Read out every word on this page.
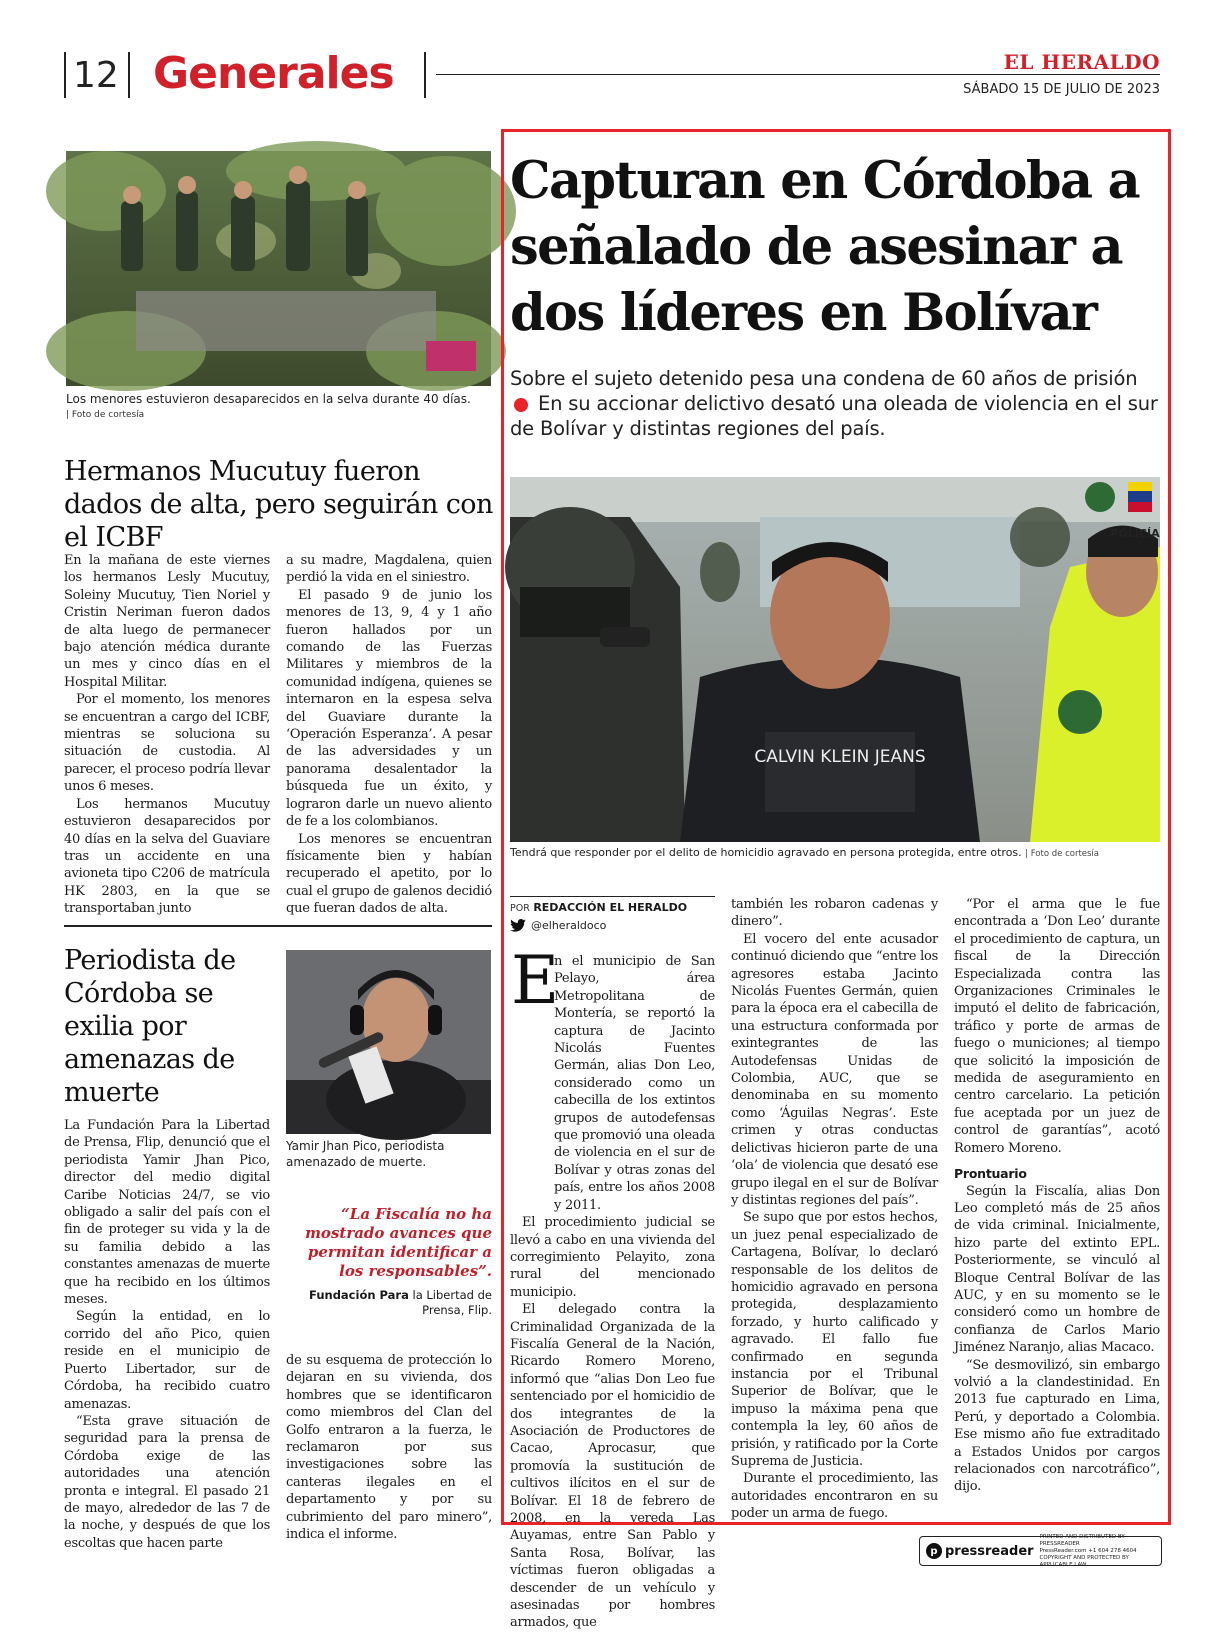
12 Generales	EL HERALDO
SÁBADO 15 DE JULIO DE 2023
Los menores estuvieron desaparecidos en la selva durante 40 días.
| Foto de cortesía
Hermanos Mucutuy fueron dados de alta, pero seguirán con el ICBF

En la mañana de este viernes los hermanos Lesly Mucutuy, Soleiny Mucutuy, Tien Noriel y Cristin Neriman fueron dados de alta luego de permanecer bajo atención médica durante un mes y cinco días en el Hospital Militar.

Por el momento, los menores se encuentran a cargo del ICBF, mientras se soluciona su situación de custodia. Al parecer, el proceso podría llevar unos 6 meses.

Los hermanos Mucutuy estuvieron desaparecidos por 40 días en la selva del Guaviare tras un accidente en una avioneta tipo C206 de matrícula HK 2803, en la que se transportaban junto

a su madre, Magdalena, quien perdió la vida en el siniestro.

El pasado 9 de junio los menores de 13, 9, 4 y 1 año fueron hallados por un comando de las Fuerzas Militares y miembros de la comunidad indígena, quienes se internaron en la espesa selva del Guaviare durante la ‘Operación Esperanza’. A pesar de las adversidades y un panorama desalentador la búsqueda fue un éxito, y lograron darle un nuevo aliento de fe a los colombianos.

Los menores se encuentran físicamente bien y habían recuperado el apetito, por lo cual el grupo de galenos decidió que fueran dados de alta.

Periodista de Córdoba se exilia por amenazas de muerte
Yamir Jhan Pico, periodista amenazado de muerte.

La Fundación Para la Libertad de Prensa, Flip, denunció que el periodista Yamir Jhan Pico, director del medio digital Caribe Noticias 24/7, se vio obligado a salir del país con el fin de proteger su vida y la de su familia debido a las constantes amenazas de muerte que ha recibido en los últimos meses.

Según la entidad, en lo corrido del año Pico, quien reside en el municipio de Puerto Libertador, sur de Córdoba, ha recibido cuatro amenazas.

“Esta grave situación de seguridad para la prensa de Córdoba exige de las autoridades una atención pronta e integral. El pasado 21 de mayo, alrededor de las 7 de la noche, y después de que los escoltas que hacen parte

“La Fiscalía no ha mostrado avances que permitan identificar a los responsables”.
Fundación Para la Libertad de Prensa, Flip.

de su esquema de protección lo dejaran en su vivienda, dos hombres que se identificaron como miembros del Clan del Golfo entraron a la fuerza, le reclamaron por sus investigaciones sobre las canteras ilegales en el departamento y por su cubrimiento del paro minero”, indica el informe.

Capturan en Córdoba a señalado de asesinar a dos líderes en Bolívar
Sobre el sujeto detenido pesa una condena de 60 años de prisión  En su accionar delictivo desató una oleada de violencia en el sur de Bolívar y distintas regiones del país.
CALVIN KLEIN JEANS
POLICÍA
Tendrá que responder por el delito de homicidio agravado en persona protegida, entre otros. | Foto de cortesía
POR REDACCIÓN EL HERALDO
@elheraldoco
E

n el municipio de San Pelayo, área Metropolitana de Montería, se reportó la captura de Jacinto Nicolás Fuentes Germán, alias Don Leo, considerado como un cabecilla de los extintos grupos de autodefensas que promovió una oleada de violencia en el sur de Bolívar y otras zonas del país, entre los años 2008 y 2011.

El procedimiento judicial se llevó a cabo en una vivienda del corregimiento Pelayito, zona rural del mencionado municipio.

El delegado contra la Criminalidad Organizada de la Fiscalía General de la Nación, Ricardo Romero Moreno, informó que “alias Don Leo fue sentenciado por el homicidio de dos integrantes de la Asociación de Productores de Cacao, Aprocasur, que promovía la sustitución de cultivos ilícitos en el sur de Bolívar. El 18 de febrero de 2008, en la vereda Las Auyamas, entre San Pablo y Santa Rosa, Bolívar, las víctimas fueron obligadas a descender de un vehículo y asesinadas por hombres armados, que

también les robaron cadenas y dinero”.

El vocero del ente acusador continuó diciendo que “entre los agresores estaba Jacinto Nicolás Fuentes Germán, quien para la época era el cabecilla de una estructura conformada por exintegrantes de las Autodefensas Unidas de Colombia, AUC, que se denominaba en su momento como ‘Águilas Negras’. Este crimen y otras conductas delictivas hicieron parte de una ‘ola’ de violencia que desató ese grupo ilegal en el sur de Bolívar y distintas regiones del país”.

Se supo que por estos hechos, un juez penal especializado de Cartagena, Bolívar, lo declaró responsable de los delitos de homicidio agravado en persona protegida, desplazamiento forzado, y hurto calificado y agravado. El fallo fue confirmado en segunda instancia por el Tribunal Superior de Bolívar, que le impuso la máxima pena que contempla la ley, 60 años de prisión, y ratificado por la Corte Suprema de Justicia.

Durante el procedimiento, las autoridades encontraron en su poder un arma de fuego.

“Por el arma que le fue encontrada a ‘Don Leo’ durante el procedimiento de captura, un fiscal de la Dirección Especializada contra las Organizaciones Criminales le imputó el delito de fabricación, tráfico y porte de armas de fuego o municiones; al tiempo que solicitó la imposición de medida de aseguramiento en centro carcelario. La petición fue aceptada por un juez de control de garantías”, acotó Romero Moreno.

Prontuario

Según la Fiscalía, alias Don Leo completó más de 25 años de vida criminal. Inicialmente, hizo parte del extinto EPL. Posteriormente, se vinculó al Bloque Central Bolívar de las AUC, y en su momento se le consideró como un hombre de confianza de Carlos Mario Jiménez Naranjo, alias Macaco.

“Se desmovilizó, sin embargo volvió a la clandestinidad. En 2013 fue capturado en Lima, Perú, y deportado a Colombia. Ese mismo año fue extraditado a Estados Unidos por cargos relacionados con narcotráfico”, dijo.

p pressreader
PRINTED AND DISTRIBUTED BY PRESSREADER
PressReader.com +1 604 278 4604
COPYRIGHT AND PROTECTED BY APPLICABLE LAW
